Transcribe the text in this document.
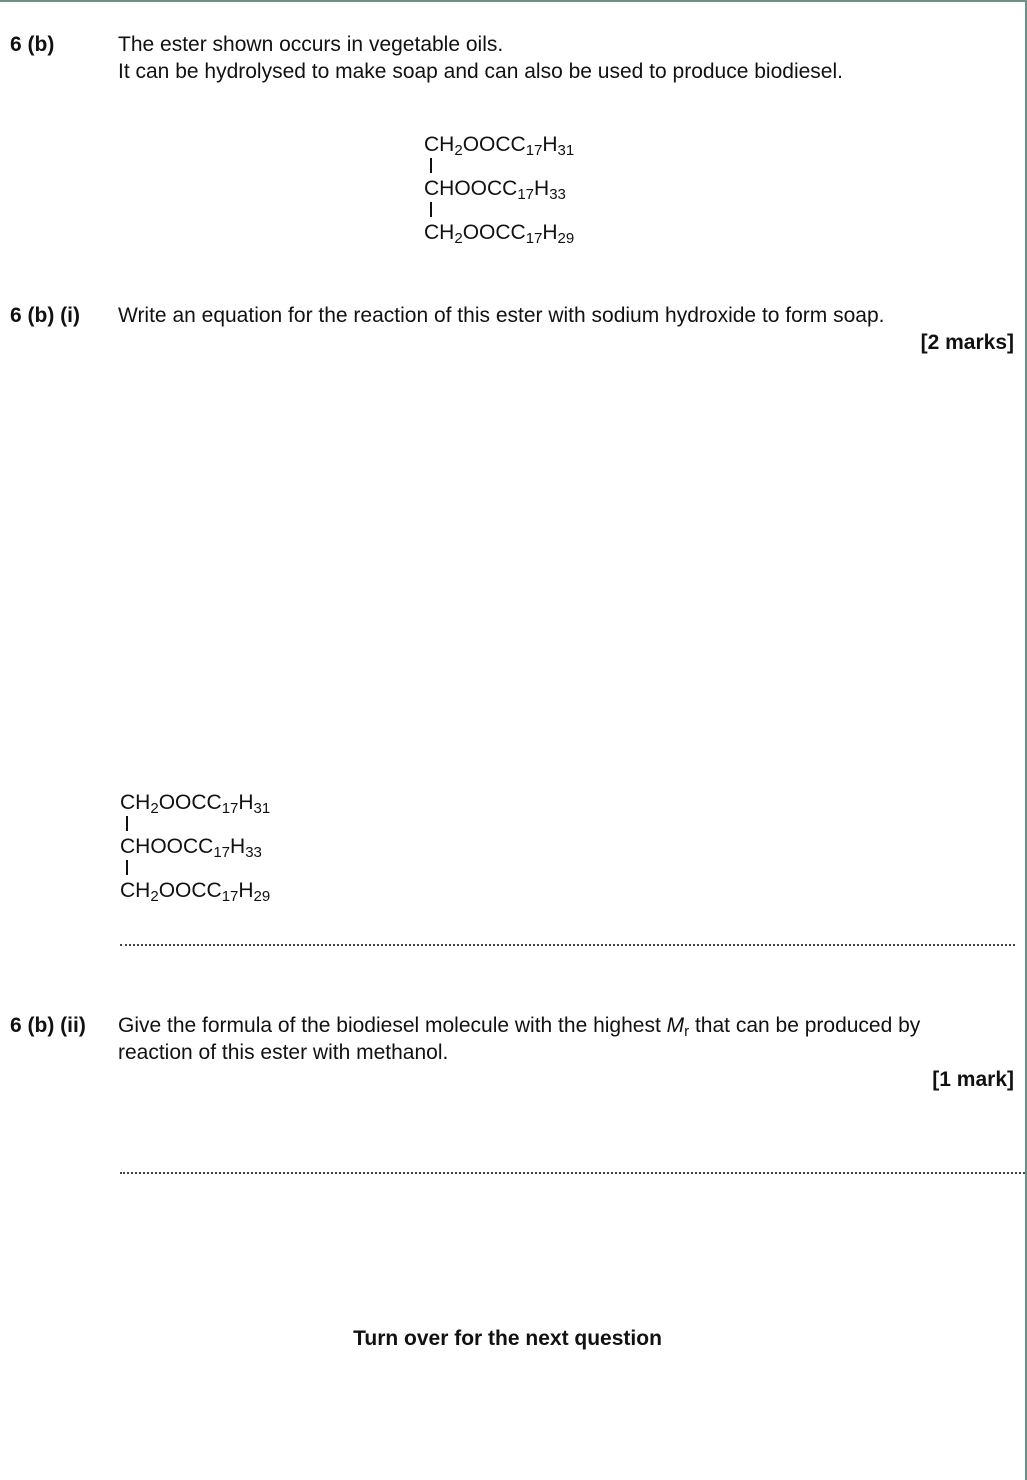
6 (b)	The ester shown occurs in vegetable oils.
It can be hydrolysed to make soap and can also be used to produce biodiesel.
$CH_2OOCC_{17}H_{31}$
$CHOOCC_{17}H_{33}$
$CH_2OOCC_{17}H_{29}$
6 (b) (i) Write an equation for the reaction of this ester with sodium hydroxide to form soap.
[2 marks]
$CH_2OOCC_{17}H_{31}$
$CHOOCC_{17}H_{33}$
$CH_2OOCC_{17}H_{29}$
6 (b) (ii) Give the formula of the biodiesel molecule with the highest $M_r$ that can be produced by
reaction of this ester with methanol.
[1 mark]
Turn over for the next question
